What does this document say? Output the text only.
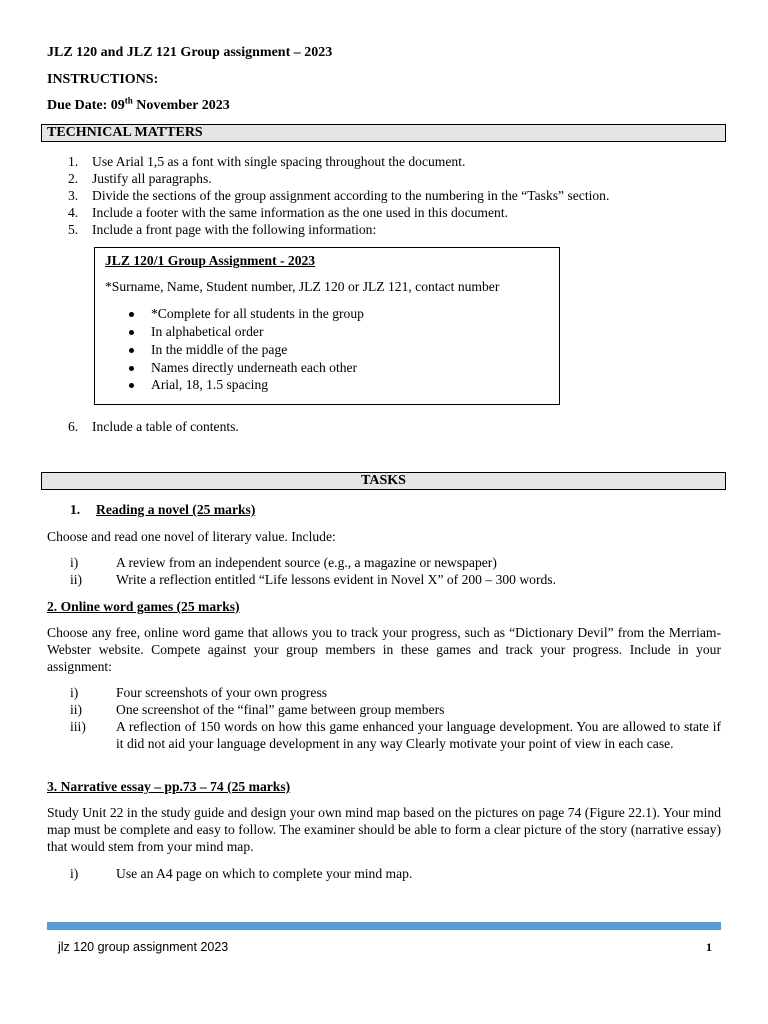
JLZ 120 and JLZ 121 Group assignment – 2023
INSTRUCTIONS:
Due Date: 09th November 2023
TECHNICAL MATTERS
1. Use Arial 1,5 as a font with single spacing throughout the document.
2. Justify all paragraphs.
3. Divide the sections of the group assignment according to the numbering in the “Tasks” section.
4. Include a footer with the same information as the one used in this document.
5. Include a front page with the following information:
JLZ 120/1 Group Assignment - 2023
*Surname, Name, Student number, JLZ 120 or JLZ 121, contact number
*Complete for all students in the group
In alphabetical order
In the middle of the page
Names directly underneath each other
Arial, 18, 1.5 spacing
6. Include a table of contents.
TASKS
1. Reading a novel (25 marks)
Choose and read one novel of literary value. Include:
i)	A review from an independent source (e.g., a magazine or newspaper)
ii) Write a reflection entitled “Life lessons evident in Novel X” of 200 – 300 words.
2. Online word games (25 marks)
Choose any free, online word game that allows you to track your progress, such as “Dictionary Devil” from the Merriam-Webster website. Compete against your group members in these games and track your progress. Include in your assignment:
i)	Four screenshots of your own progress
ii) One screenshot of the “final” game between group members
iii) A reflection of 150 words on how this game enhanced your language development. You are allowed to state if it did not aid your language development in any way Clearly motivate your point of view in each case.
3. Narrative essay – pp.73 – 74 (25 marks)
Study Unit 22 in the study guide and design your own mind map based on the pictures on page 74 (Figure 22.1). Your mind map must be complete and easy to follow. The examiner should be able to form a clear picture of the story (narrative essay) that would stem from your mind map.
i)	Use an A4 page on which to complete your mind map.
jlz 120 group assignment 2023	1
